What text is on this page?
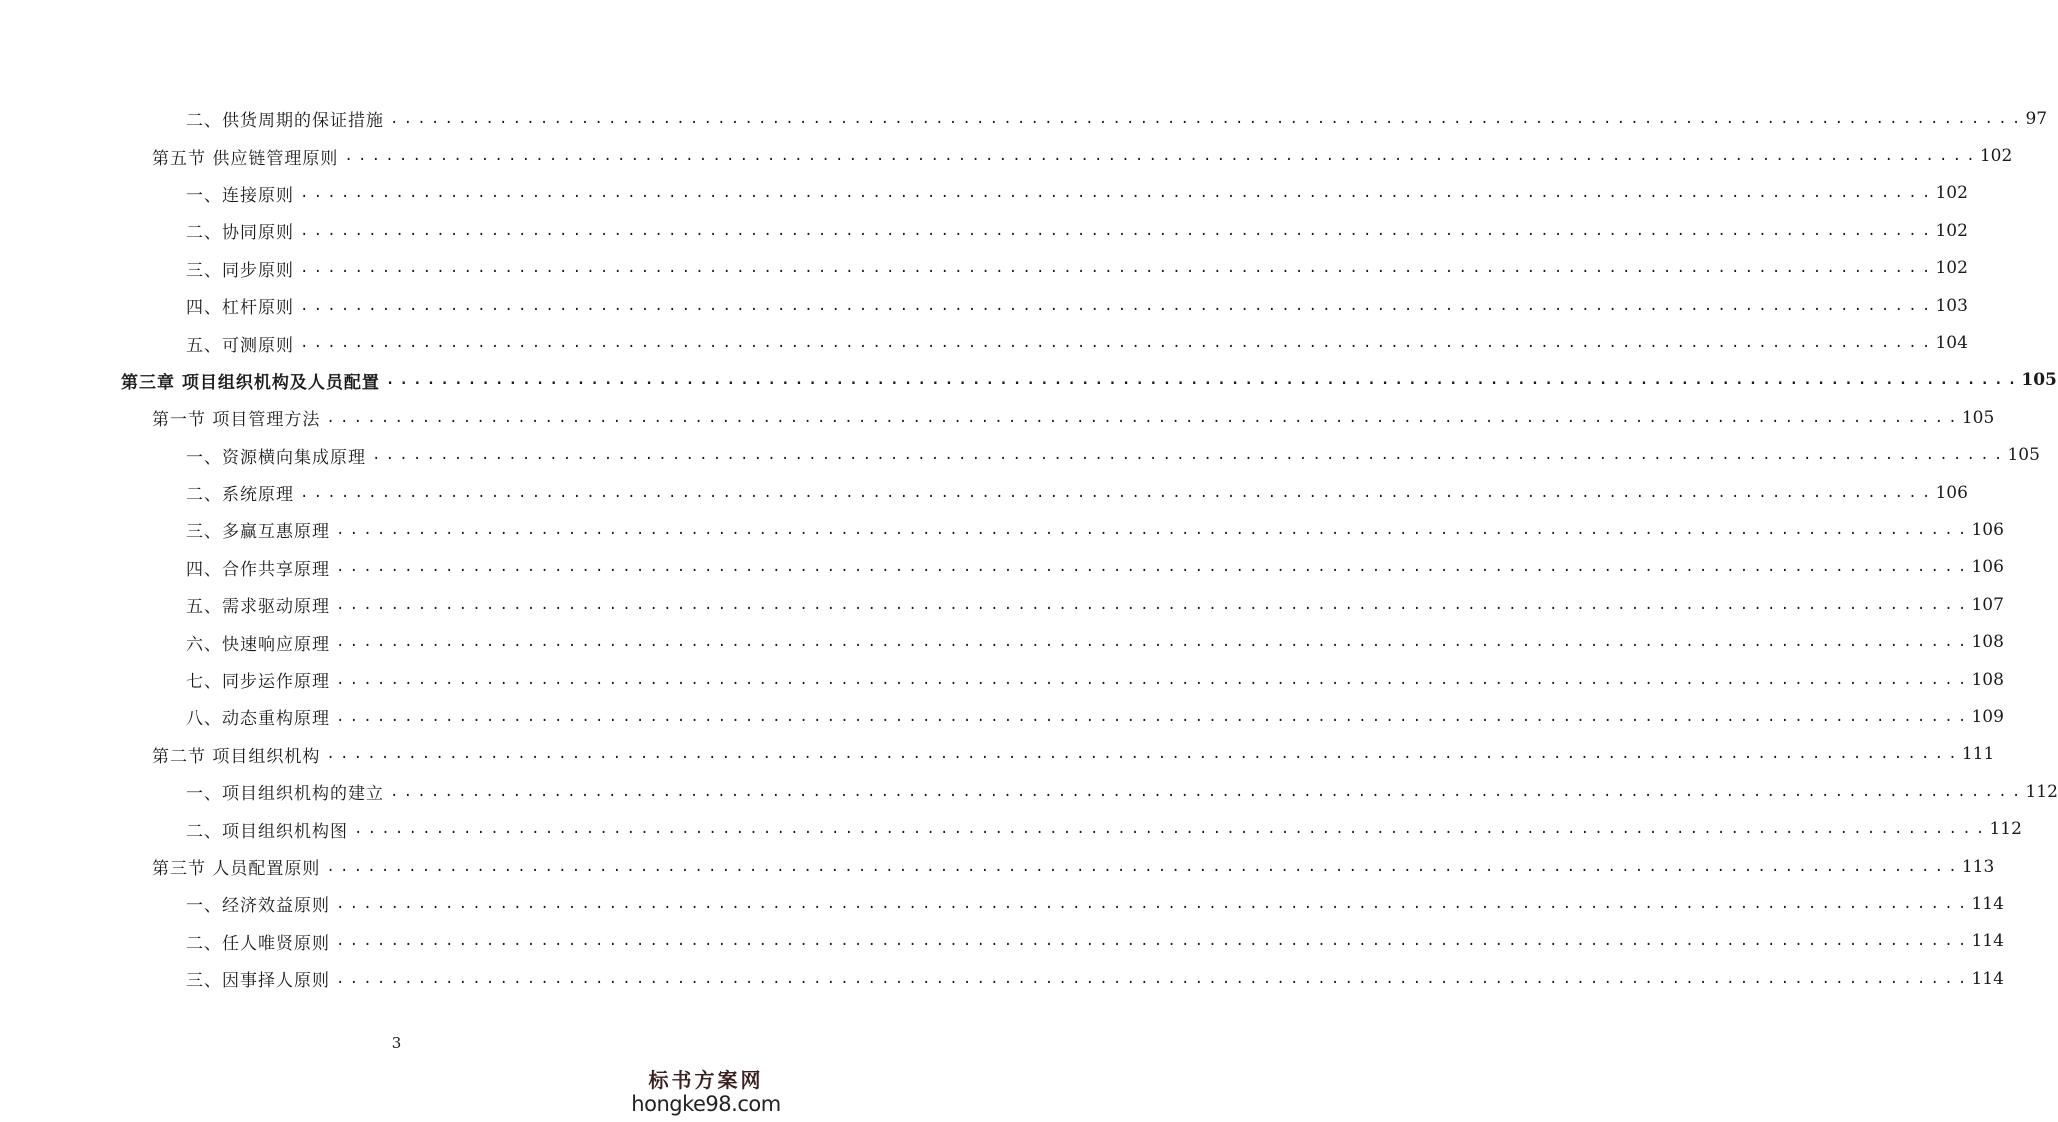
二、供货周期的保证措施 ........................................................................................................................ 97
第五节 供应链管理原则 ........................................................................................................................ 102
一、连接原则 ........................................................................................................................ 102
二、协同原则 ........................................................................................................................ 102
三、同步原则 ........................................................................................................................ 102
四、杠杆原则 ........................................................................................................................ 103
五、可测原则 ........................................................................................................................ 104
第三章 项目组织机构及人员配置 ........................................................................................................................ 105
第一节 项目管理方法 ........................................................................................................................ 105
一、资源横向集成原理 ........................................................................................................................ 105
二、系统原理 ........................................................................................................................ 106
三、多赢互惠原理 ........................................................................................................................ 106
四、合作共享原理 ........................................................................................................................ 106
五、需求驱动原理 ........................................................................................................................ 107
六、快速响应原理 ........................................................................................................................ 108
七、同步运作原理 ........................................................................................................................ 108
八、动态重构原理 ........................................................................................................................ 109
第二节 项目组织机构 ........................................................................................................................ 111
一、项目组织机构的建立 ........................................................................................................................ 112
二、项目组织机构图 ........................................................................................................................ 112
第三节 人员配置原则 ........................................................................................................................ 113
一、经济效益原则 ........................................................................................................................ 114
二、任人唯贤原则 ........................................................................................................................ 114
三、因事择人原则 ........................................................................................................................ 114
3
标书方案网
hongke98.com
